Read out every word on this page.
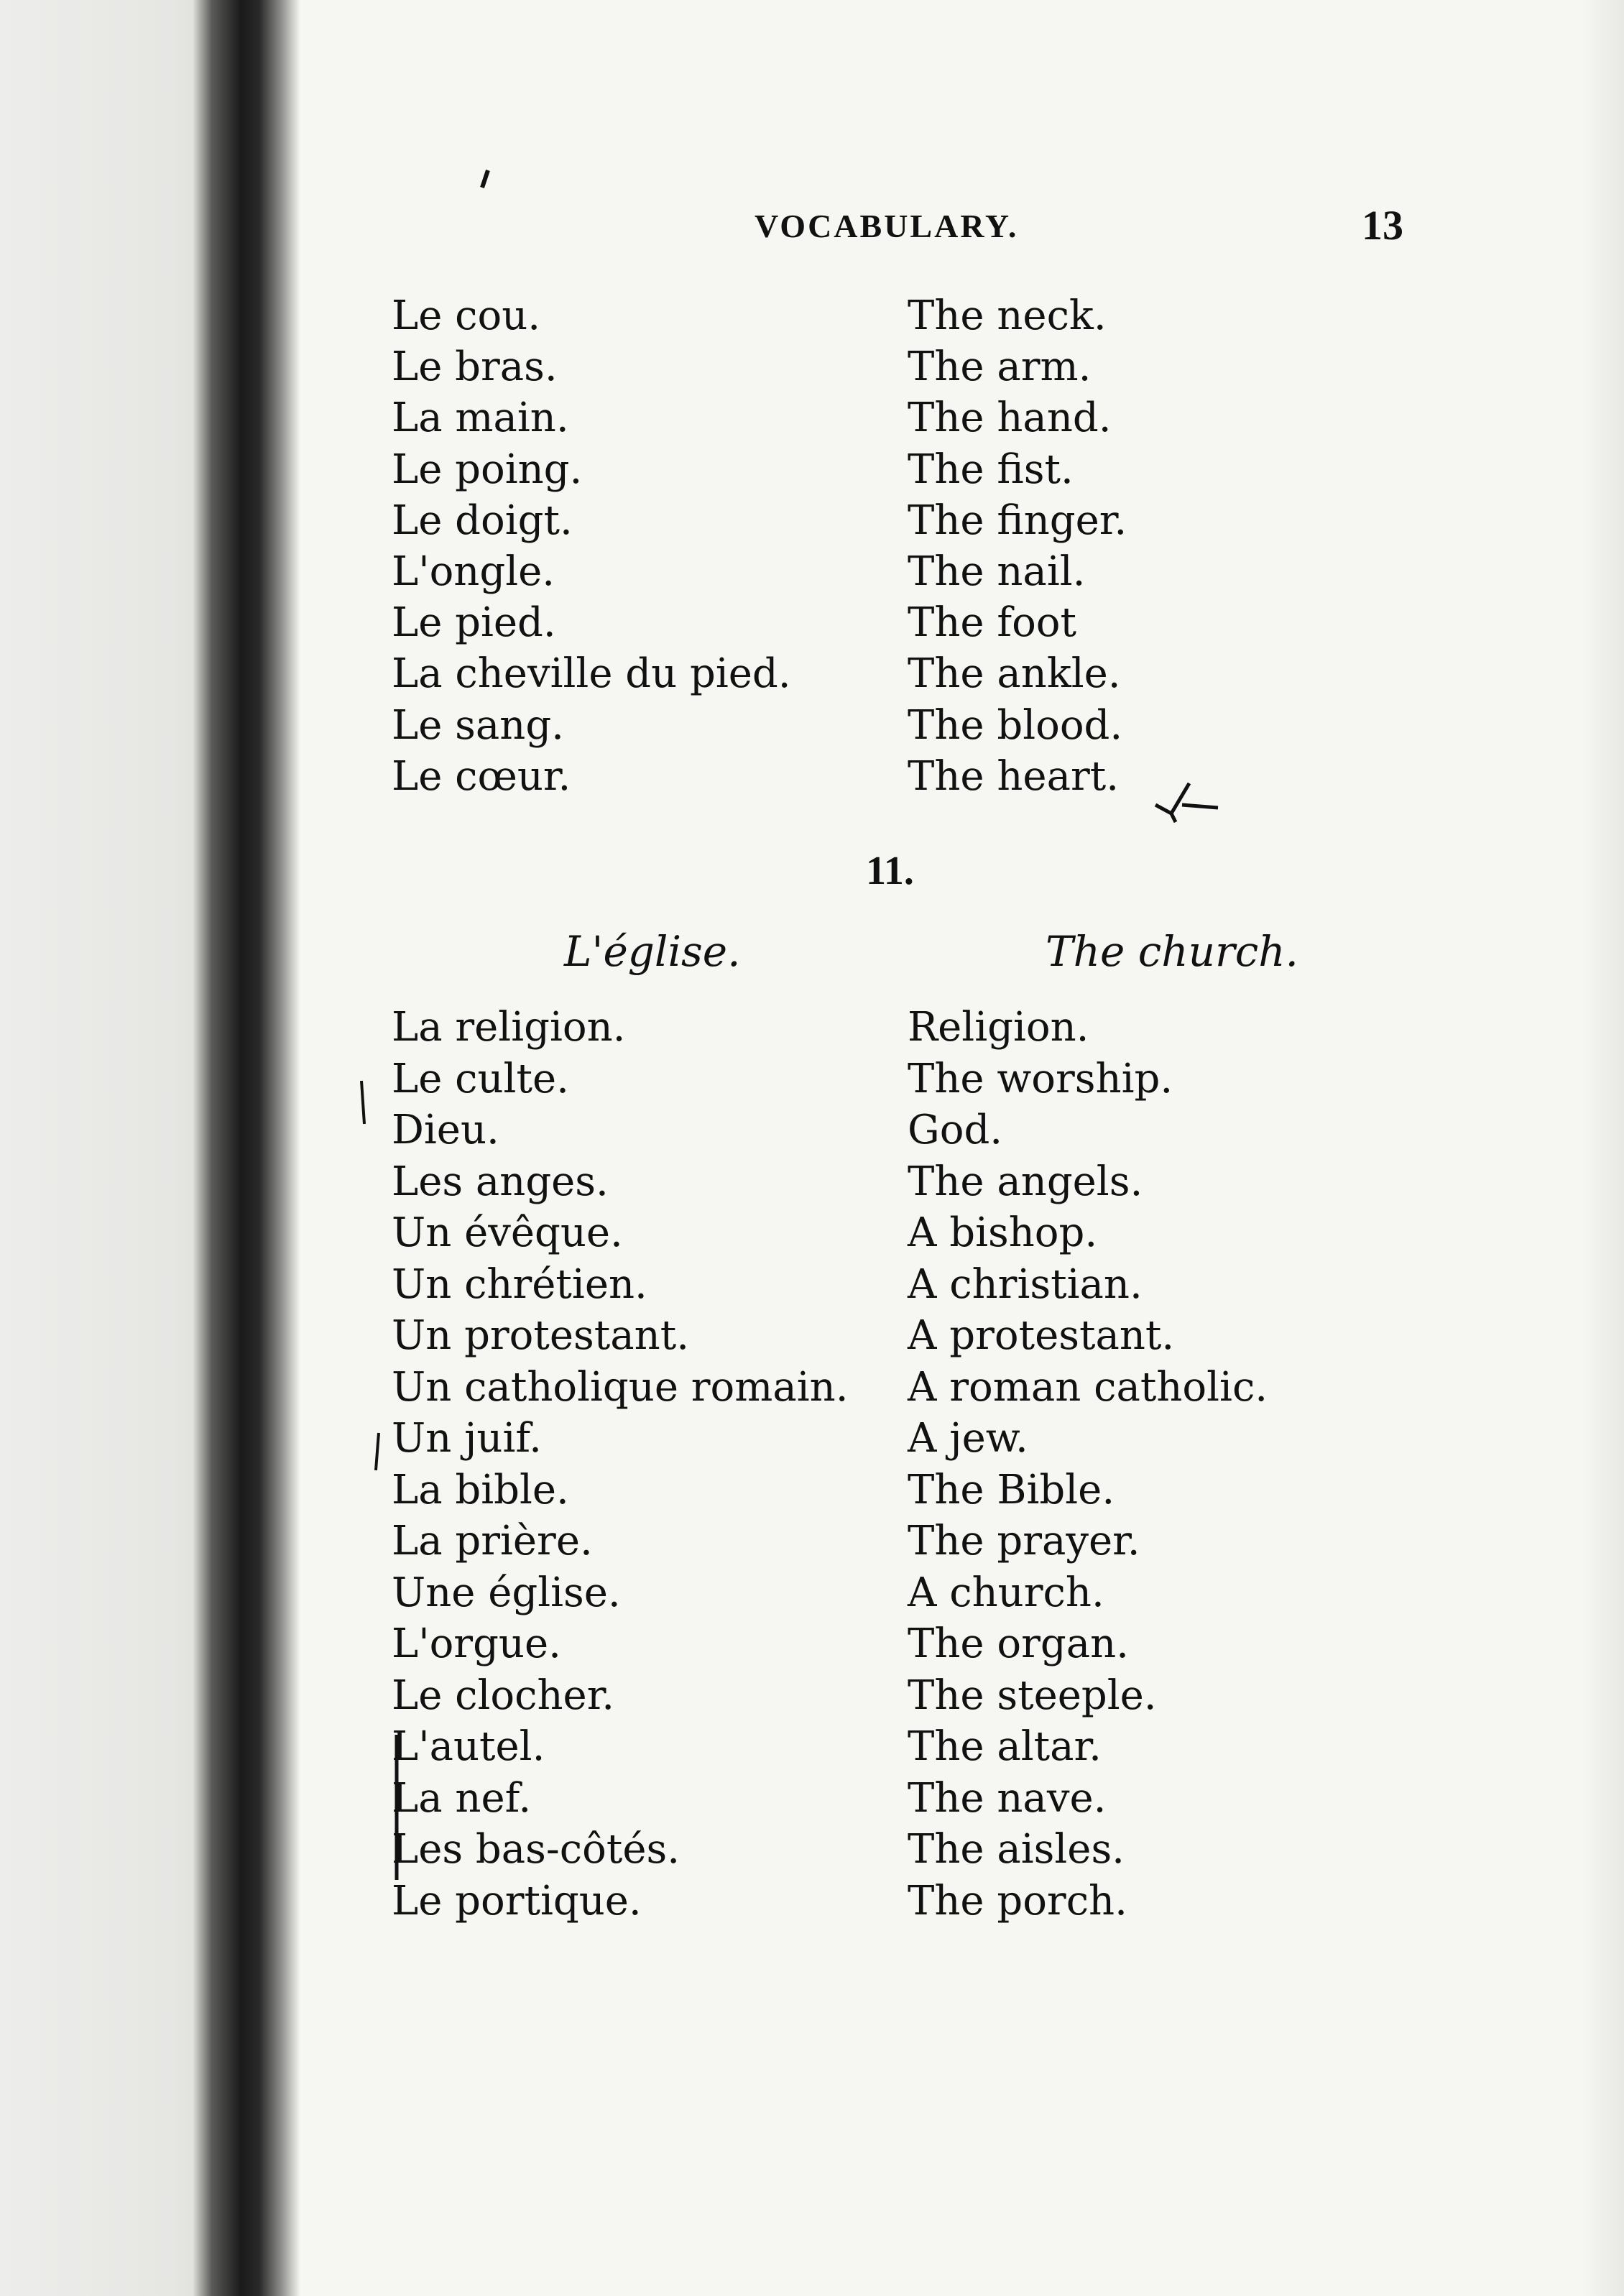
VOCABULARY.	13
Le cou.	The neck.
Le bras.	The arm.
La main.	The hand.
Le poing.	The fist.
Le doigt.	The finger.
L'ongle.	The nail.
Le pied.	The foot
La cheville du pied.	The ankle.
Le sang.	The blood.
Le cœur.	The heart.
11.
L'église.	The church.
La religion.	Religion.
Le culte.	The worship.
Dieu.	God.
Les anges.	The angels.
Un évêque.	A bishop.
Un chrétien.	A christian.
Un protestant.	A protestant.
Un catholique romain.	A roman catholic.
Un juif.	A jew.
La bible.	The Bible.
La prière.	The prayer.
Une église.	A church.
L'orgue.	The organ.
Le clocher.	The steeple.
L'autel.	The altar.
La nef.	The nave.
Les bas-côtés.	The aisles.
Le portique.	The porch.
